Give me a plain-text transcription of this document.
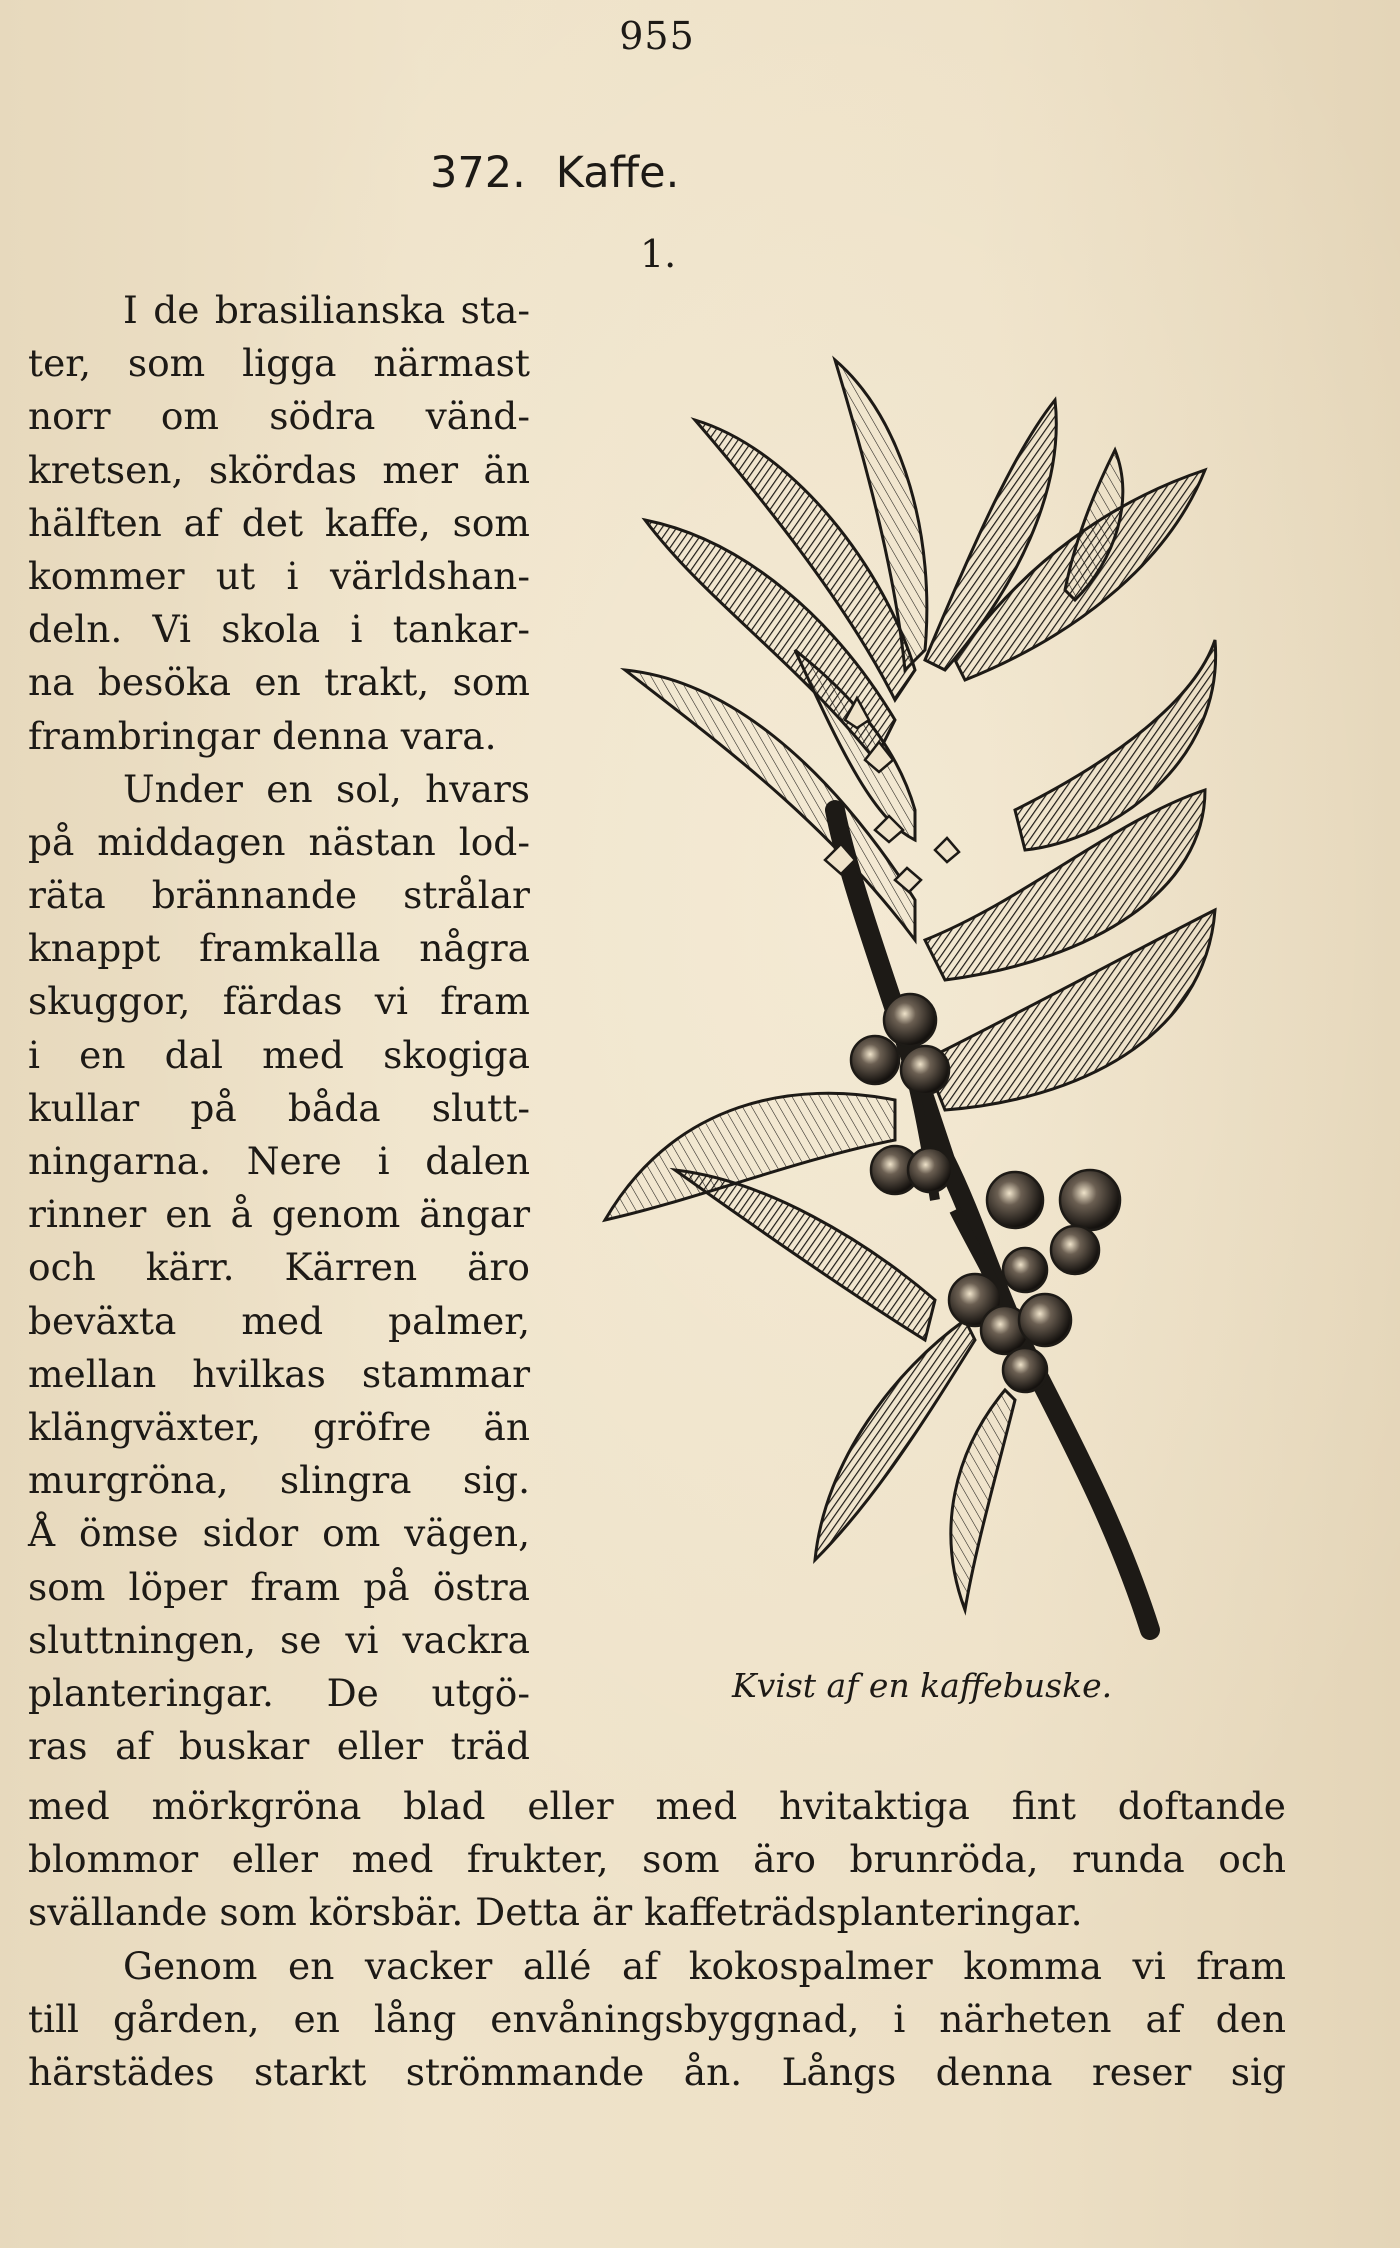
955
372. Kaffe.
1.
I de brasilianska sta-
ter, som ligga närmast
norr om södra vänd-
kretsen, skördas mer än
hälften af det kaffe, som
kommer ut i världshan-
deln. Vi skola i tankar-
na besöka en trakt, som
frambringar denna vara.
Under en sol, hvars
på middagen nästan lod-
räta brännande strålar
knappt framkalla några
skuggor, färdas vi fram
i en dal med skogiga
kullar på båda slutt-
ningarna. Nere i dalen
rinner en å genom ängar
och kärr. Kärren äro
beväxta med palmer,
mellan hvilkas stammar
klängväxter, gröfre än
murgröna, slingra sig.
Å ömse sidor om vägen,
som löper fram på östra
sluttningen, se vi vackra
planteringar. De utgö-
ras af buskar eller träd
Kvist af en kaffebuske.
med mörkgröna blad eller med hvitaktiga fint doftande
blommor eller med frukter, som äro brunröda, runda och
svällande som körsbär. Detta är kaffeträdsplanteringar.
Genom en vacker allé af kokospalmer komma vi fram
till gården, en lång envåningsbyggnad, i närheten af den
härstädes starkt strömmande ån. Långs denna reser sig
